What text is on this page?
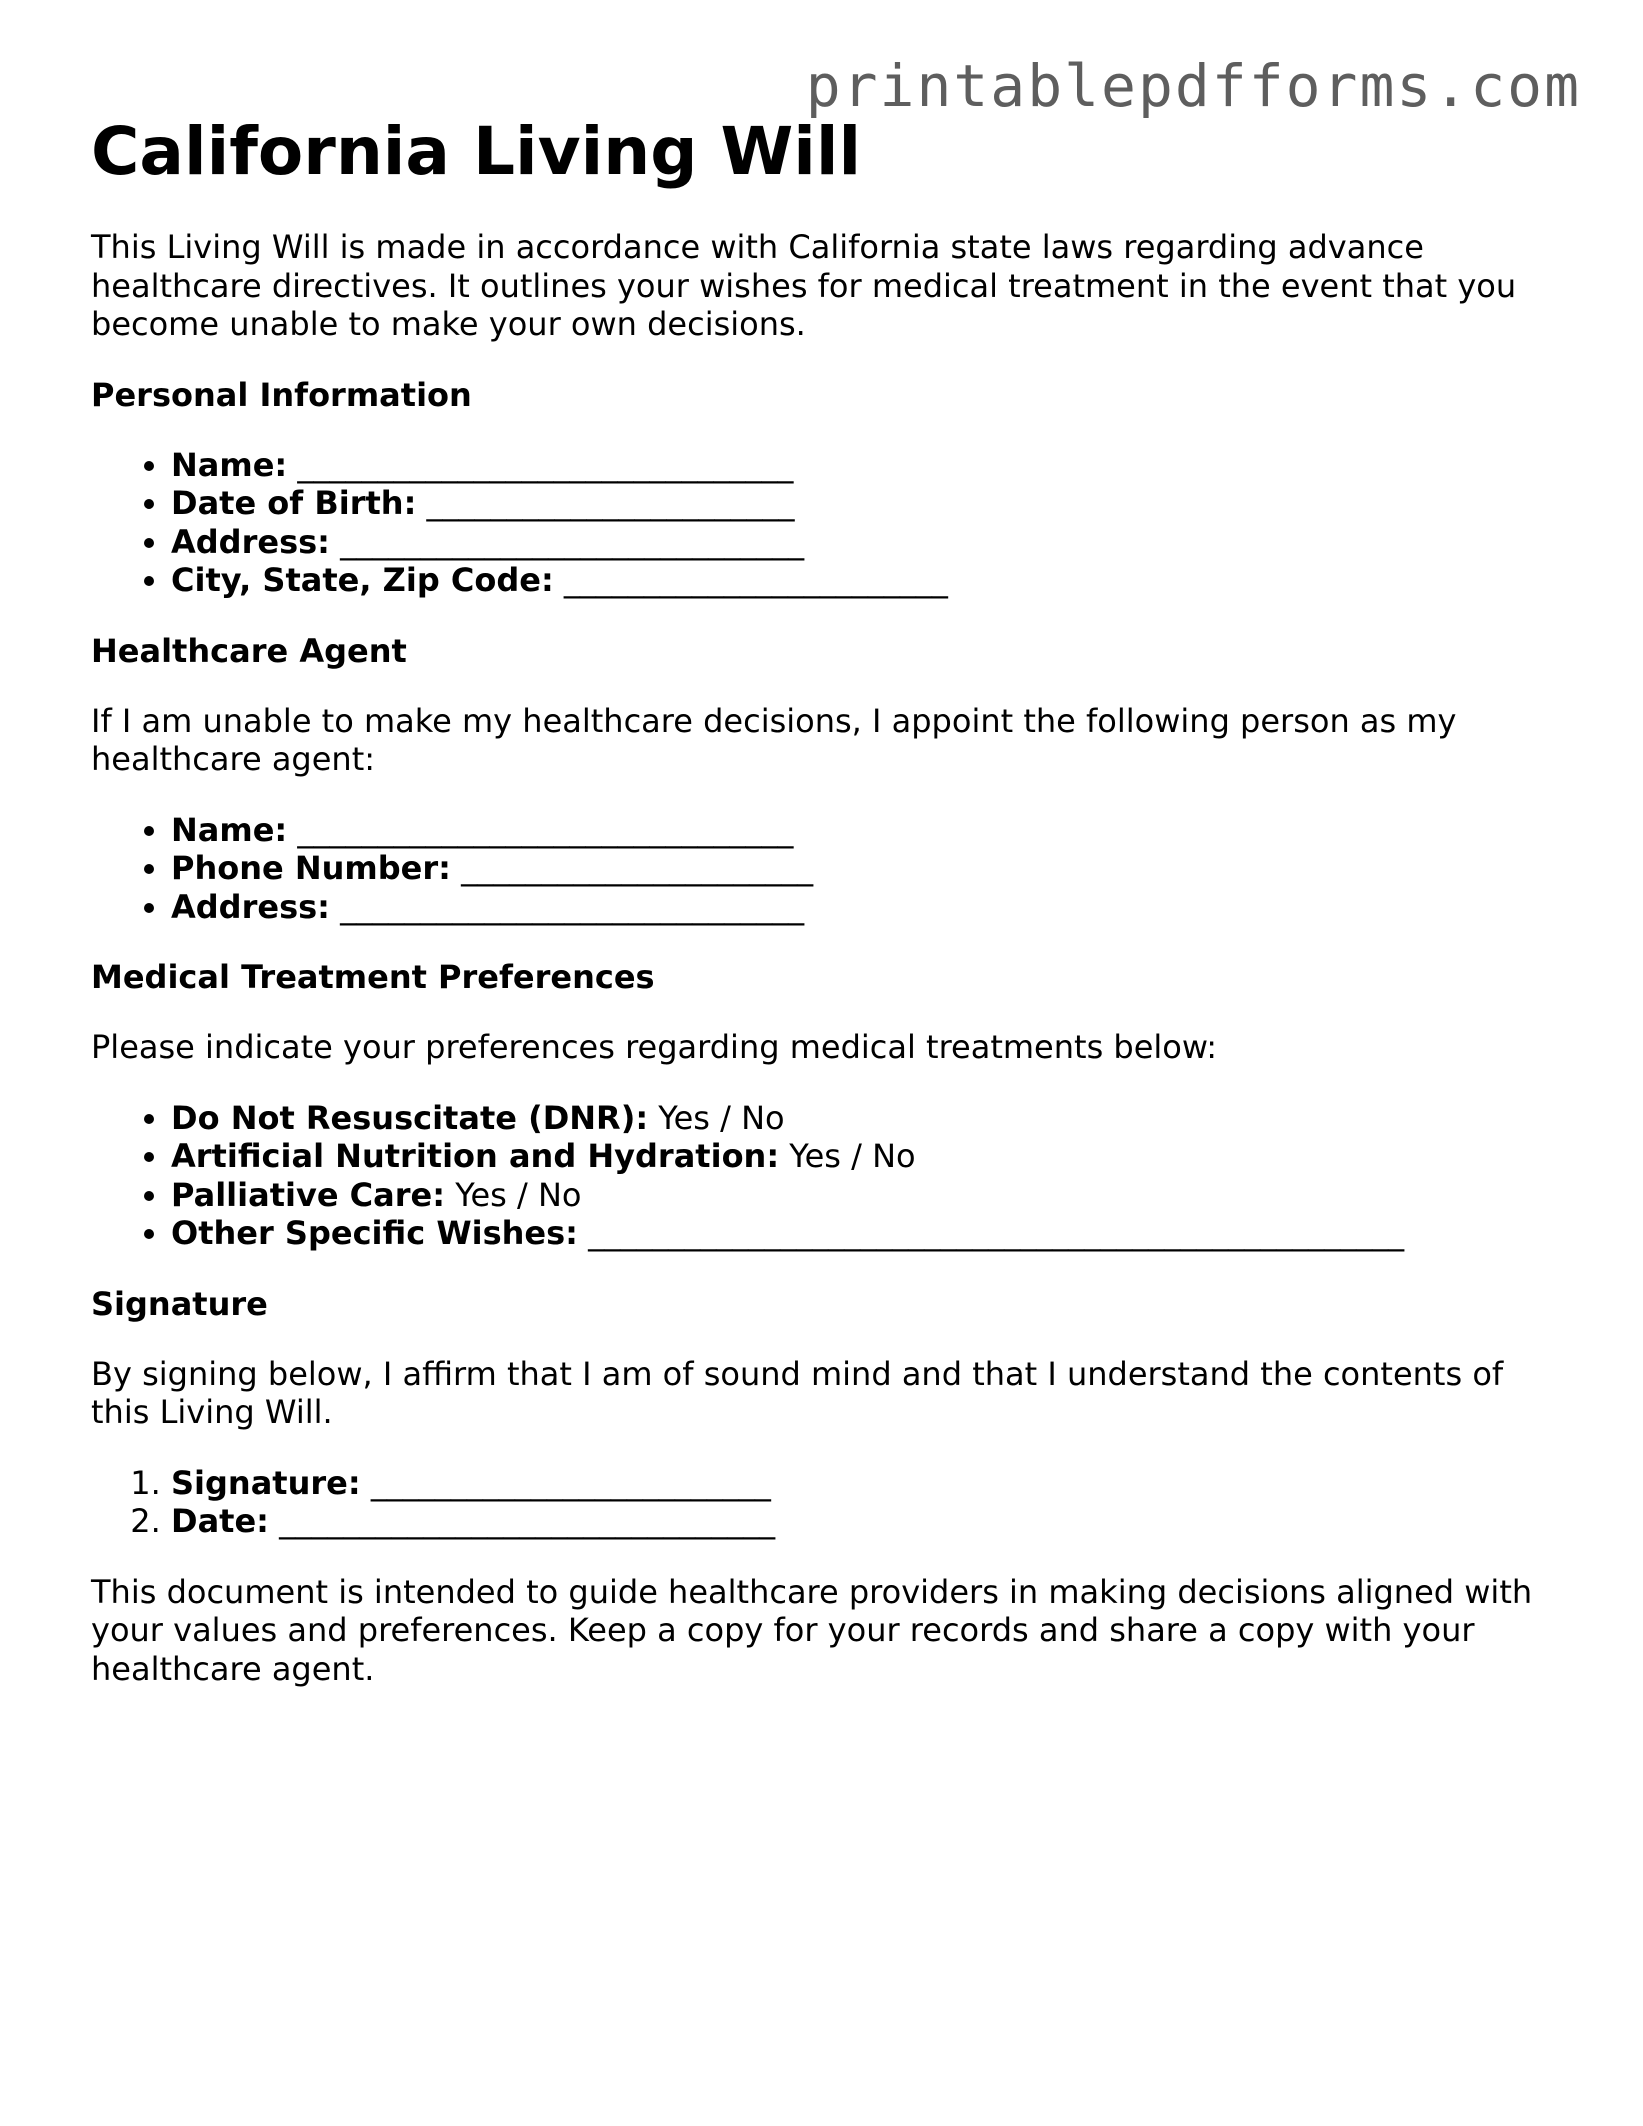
printablepdfforms.com
California Living Will

This Living Will is made in accordance with California state laws regarding advance healthcare directives. It outlines your wishes for medical treatment in the event that you become unable to make your own decisions.

Personal Information
• Name: _______________________________
• Date of Birth: _______________________
• Address: _____________________________
• City, State, Zip Code: ________________________
Healthcare Agent

If I am unable to make my healthcare decisions, I appoint the following person as my healthcare agent:

• Name: _______________________________
• Phone Number: ______________________
• Address: _____________________________
Medical Treatment Preferences

Please indicate your preferences regarding medical treatments below:

• Do Not Resuscitate (DNR): Yes / No
• Artificial Nutrition and Hydration: Yes / No
• Palliative Care: Yes / No
• Other Specific Wishes: ___________________________________________________
Signature

By signing below, I affirm that I am of sound mind and that I understand the contents of this Living Will.

1. Signature: _________________________
2. Date: _______________________________

This document is intended to guide healthcare providers in making decisions aligned with your values and preferences. Keep a copy for your records and share a copy with your healthcare agent.
